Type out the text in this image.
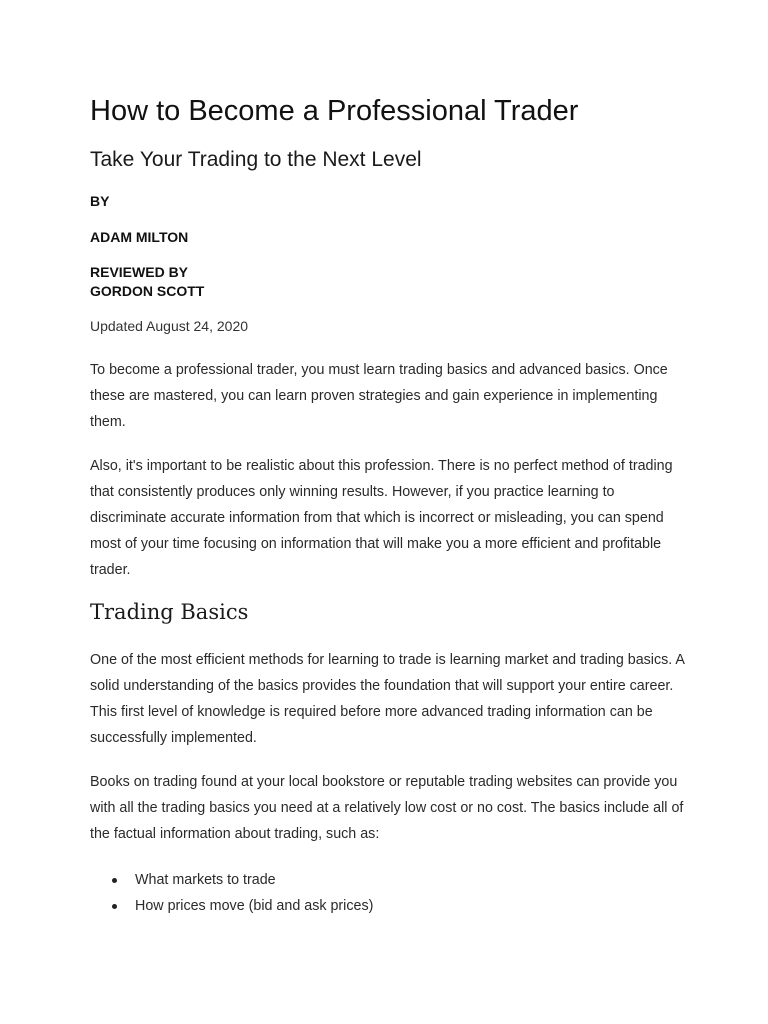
How to Become a Professional Trader
Take Your Trading to the Next Level

BY

ADAM MILTON

REVIEWED BY

GORDON SCOTT

Updated August 24, 2020

To become a professional trader, you must learn trading basics and advanced basics. Once these are mastered, you can learn proven strategies and gain experience in implementing them.

Also, it's important to be realistic about this profession. There is no perfect method of trading that consistently produces only winning results. However, if you practice learning to discriminate accurate information from that which is incorrect or misleading, you can spend most of your time focusing on information that will make you a more efficient and profitable trader.

Trading Basics

One of the most efficient methods for learning to trade is learning market and trading basics. A solid understanding of the basics provides the foundation that will support your entire career. This first level of knowledge is required before more advanced trading information can be successfully implemented.

Books on trading found at your local bookstore or reputable trading websites can provide you with all the trading basics you need at a relatively low cost or no cost. The basics include all of the factual information about trading, such as:

What markets to trade
How prices move (bid and ask prices)
